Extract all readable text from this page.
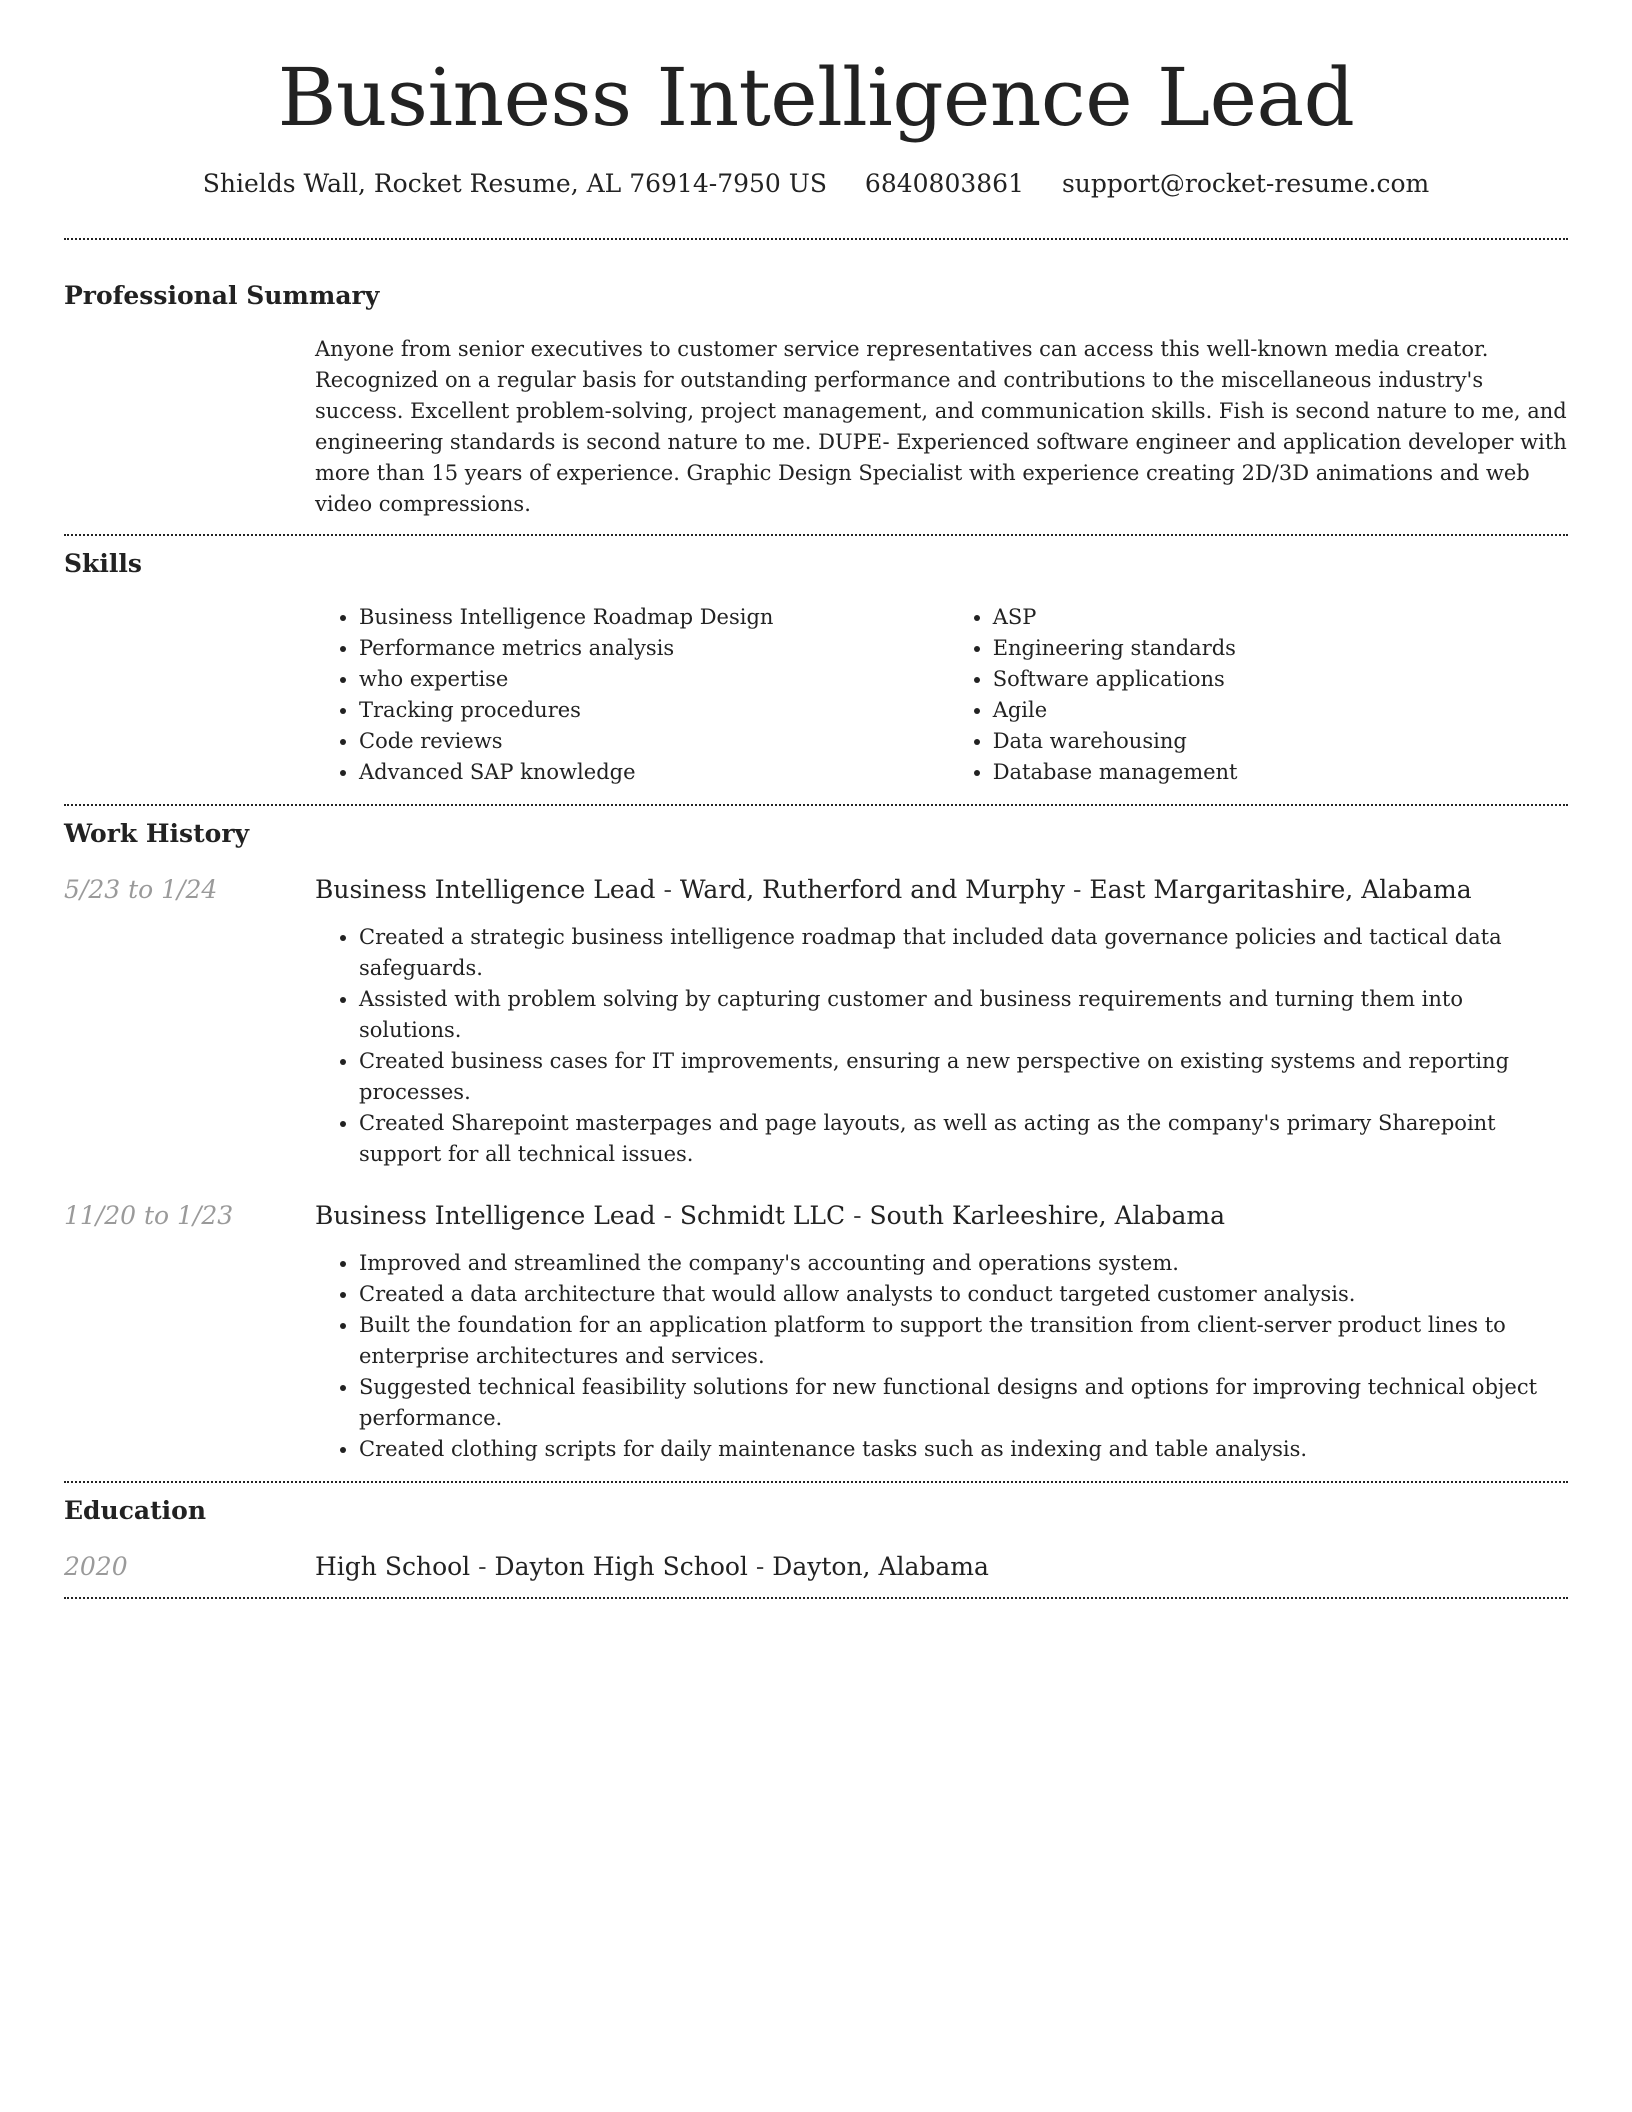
Business Intelligence Lead
Shields Wall, Rocket Resume, AL 76914-7950 US 6840803861 support@rocket-resume.com
Professional Summary

Anyone from senior executives to customer service representatives can access this well-known media creator. Recognized on a regular basis for outstanding performance and contributions to the miscellaneous industry's success. Excellent problem-solving, project management, and communication skills. Fish is second nature to me, and engineering standards is second nature to me. DUPE- Experienced software engineer and application developer with more than 15 years of experience. Graphic Design Specialist with experience creating 2D/3D animations and web video compressions.

Skills
• Business Intelligence Roadmap Design
• Performance metrics analysis
• who expertise
• Tracking procedures
• Code reviews
• Advanced SAP knowledge
• ASP
• Engineering standards
• Software applications
• Agile
• Data warehousing
• Database management
Work History
5/23 to 1/24	Business Intelligence Lead - Ward, Rutherford and Murphy - East Margaritashire, Alabama
• Created a strategic business intelligence roadmap that included data governance policies and tactical data safeguards.
• Assisted with problem solving by capturing customer and business requirements and turning them into solutions.
• Created business cases for IT improvements, ensuring a new perspective on existing systems and reporting processes.
• Created Sharepoint masterpages and page layouts, as well as acting as the company's primary Sharepoint support for all technical issues.
11/20 to 1/23	Business Intelligence Lead - Schmidt LLC - South Karleeshire, Alabama
• Improved and streamlined the company's accounting and operations system.
• Created a data architecture that would allow analysts to conduct targeted customer analysis.
• Built the foundation for an application platform to support the transition from client-server product lines to enterprise architectures and services.
• Suggested technical feasibility solutions for new functional designs and options for improving technical object performance.
• Created clothing scripts for daily maintenance tasks such as indexing and table analysis.
Education
2020	High School - Dayton High School - Dayton, Alabama
